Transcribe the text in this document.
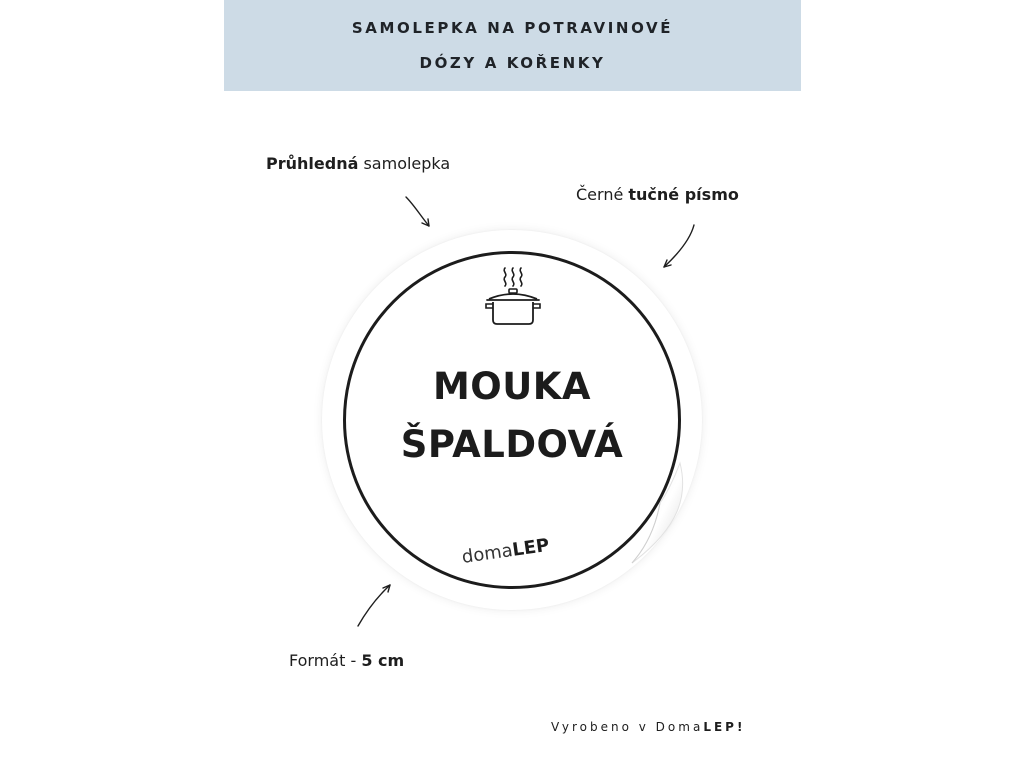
SAMOLEPKA NA POTRAVINOVÉ
DÓZY A KOŘENKY
Průhledná samolepka
Černé tučné písmo
MOUKA
ŠPALDOVÁ
domaLEP
Formát - 5 cm
Vyrobeno v DomaLEP!
